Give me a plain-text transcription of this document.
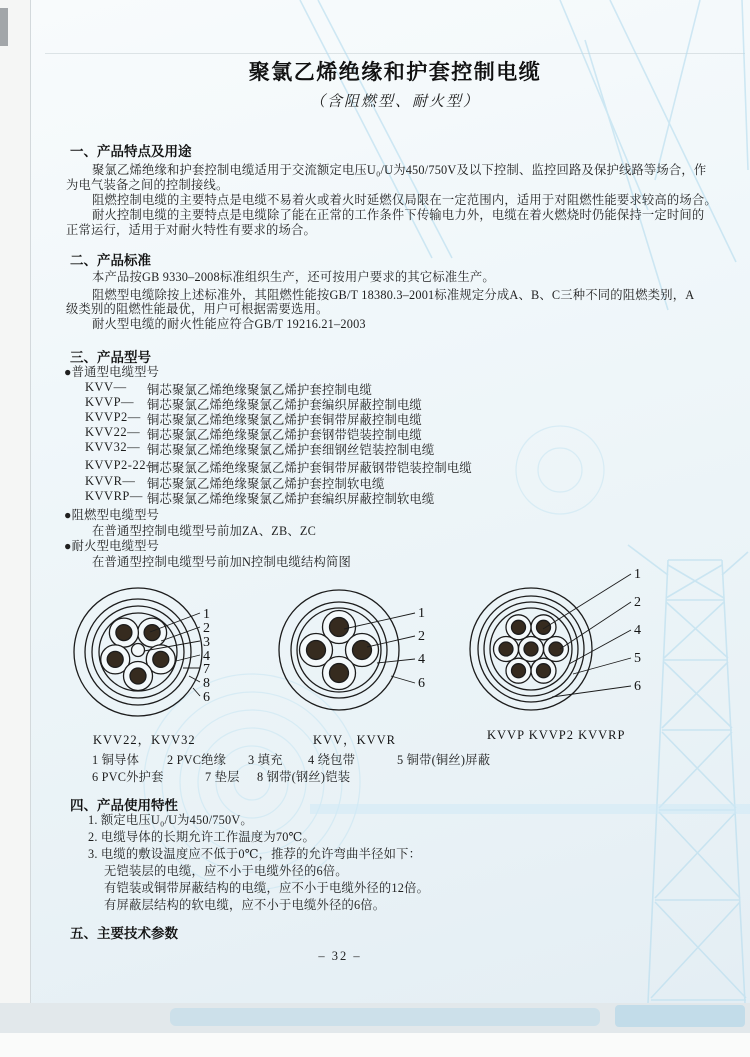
聚氯乙烯绝缘和护套控制电缆
（含阻燃型、耐火型）
一、产品特点及用途
聚氯乙烯绝缘和护套控制电缆适用于交流额定电压U₀/U为450/750V及以下控制、监控回路及保护线路等场合，作
为电气装备之间的控制接线。
阻燃控制电缆的主要特点是电缆不易着火或着火时延燃仅局限在一定范围内，适用于对阻燃性能要求较高的场合。
耐火控制电缆的主要特点是电缆除了能在正常的工作条件下传输电力外，电缆在着火燃烧时仍能保持一定时间的
正常运行，适用于对耐火特性有要求的场合。
二、产品标准
本产品按GB 9330–2008标准组织生产，还可按用户要求的其它标准生产。
阻燃型电缆除按上述标准外，其阻燃性能按GB/T 18380.3–2001标准规定分成A、B、C三种不同的阻燃类别，A
级类别的阻燃性能最优，用户可根据需要选用。
耐火型电缆的耐火性能应符合GB/T 19216.21–2003
三、产品型号
●普通型电缆型号
KVV— 铜芯聚氯乙烯绝缘聚氯乙烯护套控制电缆
KVVP— 铜芯聚氯乙烯绝缘聚氯乙烯护套编织屏蔽控制电缆
KVVP2— 铜芯聚氯乙烯绝缘聚氯乙烯护套铜带屏蔽控制电缆
KVV22— 铜芯聚氯乙烯绝缘聚氯乙烯护套钢带铠装控制电缆
KVV32— 铜芯聚氯乙烯绝缘聚氯乙烯护套细钢丝铠装控制电缆
KVVP2-22—
铜芯聚氯乙烯绝缘聚氯乙烯护套铜带屏蔽钢带铠装控制电缆
KVVR— 铜芯聚氯乙烯绝缘聚氯乙烯护套控制软电缆
KVVRP— 铜芯聚氯乙烯绝缘聚氯乙烯护套编织屏蔽控制软电缆
●阻燃型电缆型号
在普通型控制电缆型号前加ZA、ZB、ZC
●耐火型电缆型号
在普通型控制电缆型号前加N控制电缆结构简图
1
2
3
4
7
8
6
1
2
4
6
1
2
4
5
6
KVV22，KVV32	KVV，KVVR	KVVP KVVP2 KVVRP
1 铜导体 2 PVC绝缘 3 填充 4 绕包带	5 铜带(铜丝)屏蔽
6 PVC外护套	7 垫层 8 钢带(钢丝)铠装
四、产品使用特性
1. 额定电压U₀/U为450/750V。
2. 电缆导体的长期允许工作温度为70℃。
3. 电缆的敷设温度应不低于0℃，推荐的允许弯曲半径如下：
无铠装层的电缆，应不小于电缆外径的6倍。
有铠装或铜带屏蔽结构的电缆，应不小于电缆外径的12倍。
有屏蔽层结构的软电缆，应不小于电缆外径的6倍。
五、主要技术参数
– 32 –
